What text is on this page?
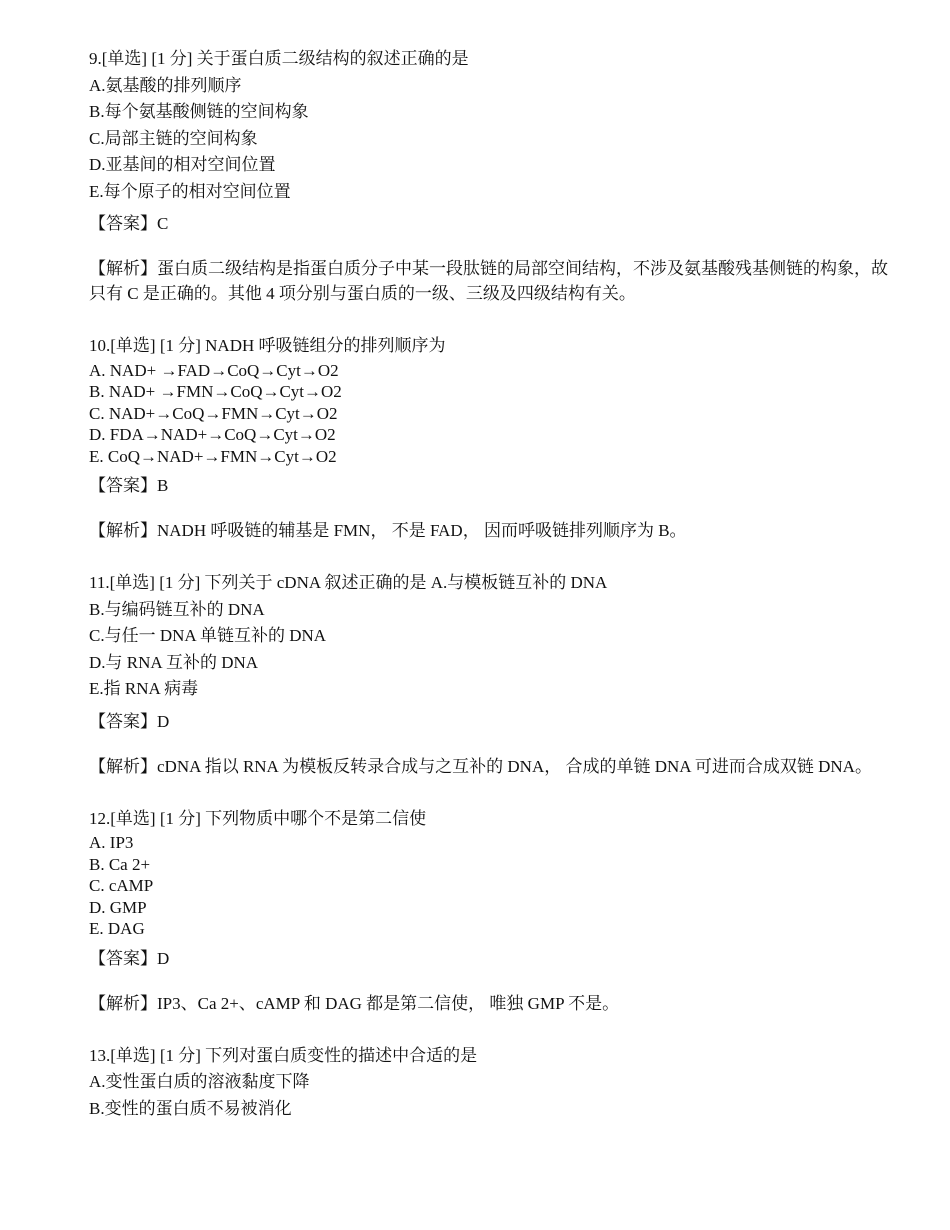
9.[单选] [1 分] 关于蛋白质二级结构的叙述正确的是
A.氨基酸的排列顺序
B.每个氨基酸侧链的空间构象
C.局部主链的空间构象
D.亚基间的相对空间位置
E.每个原子的相对空间位置
【答案】C
【解析】蛋白质二级结构是指蛋白质分子中某一段肽链的局部空间结构，不涉及氨基酸残基侧链的构象，故只有 C 是正确的。其他 4 项分别与蛋白质的一级、三级及四级结构有关。
10.[单选] [1 分] NADH 呼吸链组分的排列顺序为
A. NAD+ →FAD→CoQ→Cyt→O2
B. NAD+ →FMN→CoQ→Cyt→O2
C. NAD+→CoQ→FMN→Cyt→O2
D. FDA→NAD+→CoQ→Cyt→O2
E. CoQ→NAD+→FMN→Cyt→O2
【答案】B
【解析】NADH 呼吸链的辅基是 FMN， 不是 FAD， 因而呼吸链排列顺序为 B。
11.[单选] [1 分] 下列关于 cDNA 叙述正确的是 A.与模板链互补的 DNA
B.与编码链互补的 DNA
C.与任一 DNA 单链互补的 DNA
D.与 RNA 互补的 DNA
E.指 RNA 病毒
【答案】D
【解析】cDNA 指以 RNA 为模板反转录合成与之互补的 DNA， 合成的单链 DNA 可进而合成双链 DNA。
12.[单选] [1 分] 下列物质中哪个不是第二信使
A. IP3
B. Ca 2+
C. cAMP
D. GMP
E. DAG
【答案】D
【解析】IP3、Ca 2+、cAMP 和 DAG 都是第二信使， 唯独 GMP 不是。
13.[单选] [1 分] 下列对蛋白质变性的描述中合适的是
A.变性蛋白质的溶液黏度下降
B.变性的蛋白质不易被消化
